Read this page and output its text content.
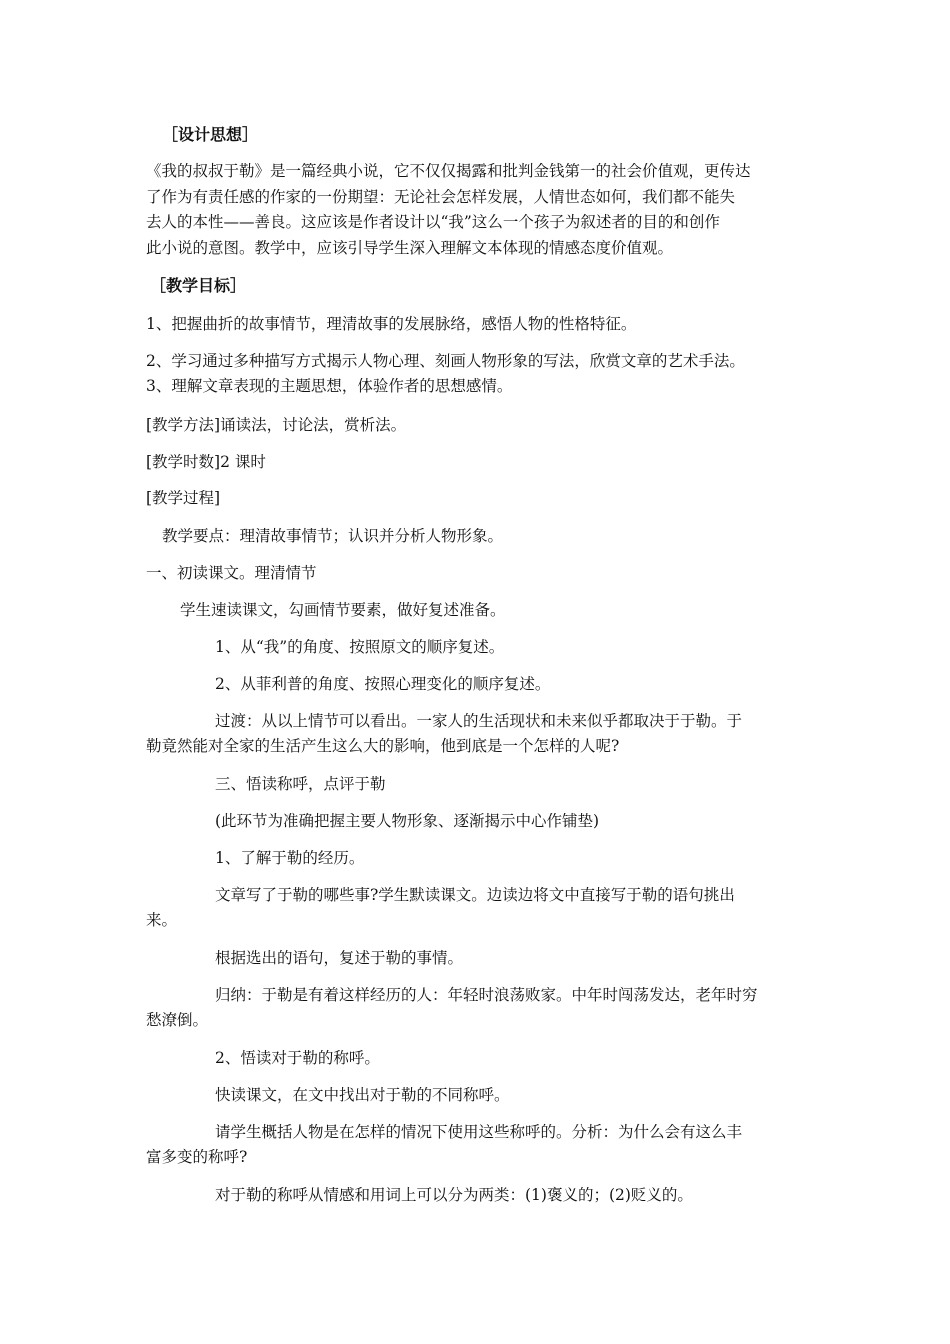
［设计思想］
《我的叔叔于勒》是一篇经典小说，它不仅仅揭露和批判金钱第一的社会价值观，更传达
了作为有责任感的作家的一份期望：无论社会怎样发展，人情世态如何，我们都不能失
去人的本性——善良。这应该是作者设计以“我”这么一个孩子为叙述者的目的和创作
此小说的意图。教学中，应该引导学生深入理解文本体现的情感态度价值观。
［教学目标］
1、把握曲折的故事情节，理清故事的发展脉络，感悟人物的性格特征。
2、学习通过多种描写方式揭示人物心理、刻画人物形象的写法，欣赏文章的艺术手法。
3、理解文章表现的主题思想，体验作者的思想感情。
[教学方法]诵读法，讨论法，赏析法。
[教学时数]2 课时
[教学过程]
教学要点：理清故事情节；认识并分析人物形象。
一、初读课文。理清情节
学生速读课文，勾画情节要素，做好复述准备。
1、从“我”的角度、按照原文的顺序复述。
2、从菲利普的角度、按照心理变化的顺序复述。
过渡：从以上情节可以看出。一家人的生活现状和未来似乎都取决于于勒。于
勒竟然能对全家的生活产生这么大的影响，他到底是一个怎样的人呢?
三、悟读称呼，点评于勒
(此环节为准确把握主要人物形象、逐渐揭示中心作铺垫)
1、了解于勒的经历。
文章写了于勒的哪些事?学生默读课文。边读边将文中直接写于勒的语句挑出
来。
根据选出的语句，复述于勒的事情。
归纳：于勒是有着这样经历的人：年轻时浪荡败家。中年时闯荡发达，老年时穷
愁潦倒。
2、悟读对于勒的称呼。
快读课文，在文中找出对于勒的不同称呼。
请学生概括人物是在怎样的情况下使用这些称呼的。分析：为什么会有这么丰
富多变的称呼?
对于勒的称呼从情感和用词上可以分为两类：(1)褒义的；(2)贬义的。
